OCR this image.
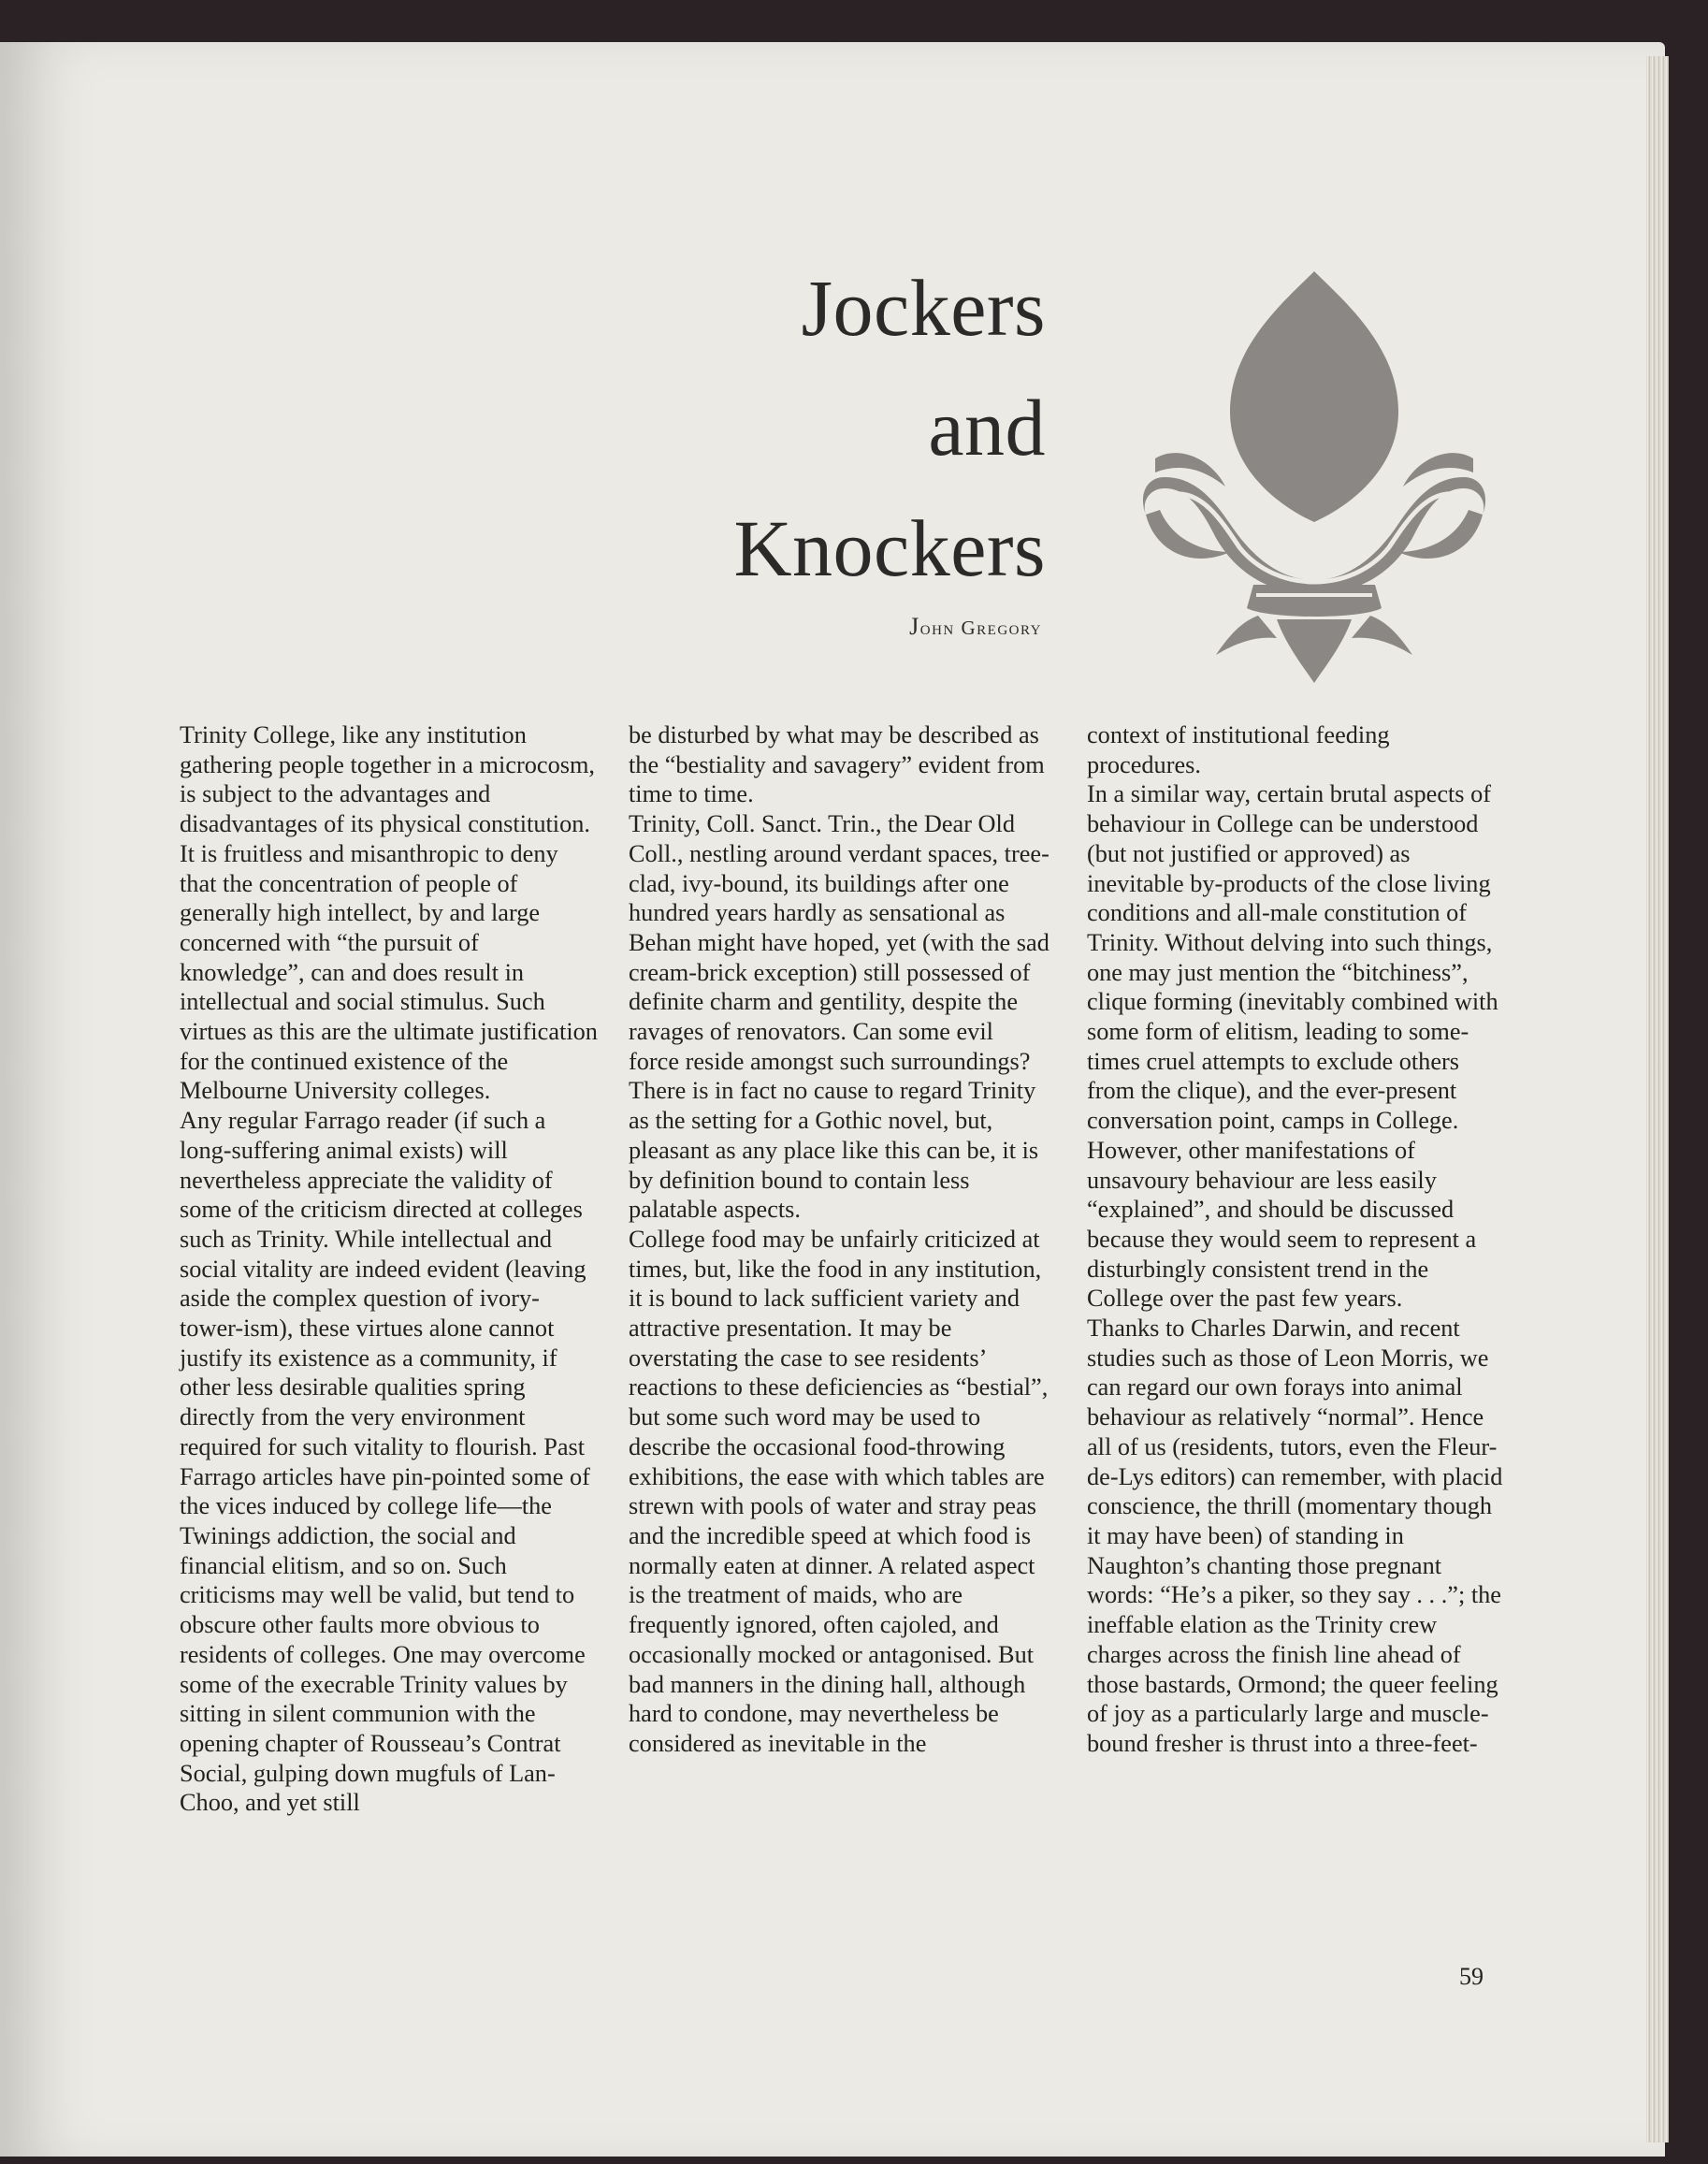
Jockers
and
Knockers
John Gregory

Trinity College, like any institution gathering people together in a microcosm, is subject to the advantages and disadvantages of its physical constitution. It is fruitless and misanthropic to deny that the concentration of people of generally high intellect, by and large concerned with “the pursuit of knowledge”, can and does result in intellectual and social stimulus. Such virtues as this are the ultimate justification for the continued existence of the Melbourne University colleges.

Any regular Farrago reader (if such a long-suffering animal exists) will nevertheless appreciate the validity of some of the criticism directed at colleges such as Trinity. While intellectual and social vitality are indeed evident (leaving aside the complex question of ivory-tower-ism), these virtues alone cannot justify its existence as a community, if other less desirable qualities spring directly from the very environment required for such vitality to flourish. Past Farrago articles have pin-pointed some of the vices induced by college life—the Twinings addiction, the social and financial elitism, and so on. Such criticisms may well be valid, but tend to obscure other faults more obvious to residents of colleges. One may overcome some of the execrable Trinity values by sitting in silent communion with the opening chapter of Rousseau’s Contrat Social, gulping down mugfuls of Lan-Choo, and yet still

be disturbed by what may be described as the “bestiality and savagery” evident from time to time.

Trinity, Coll. Sanct. Trin., the Dear Old Coll., nestling around verdant spaces, tree-clad, ivy-bound, its buildings after one hundred years hardly as sensational as Behan might have hoped, yet (with the sad cream-brick exception) still possessed of definite charm and gentility, despite the ravages of renovators. Can some evil force reside amongst such surroundings? There is in fact no cause to regard Trinity as the setting for a Gothic novel, but, pleasant as any place like this can be, it is by definition bound to contain less palatable aspects.

College food may be unfairly criticized at times, but, like the food in any institution, it is bound to lack sufficient variety and attractive presentation. It may be overstating the case to see residents’ reactions to these deficiencies as “bestial”, but some such word may be used to describe the occasional food-throwing exhibitions, the ease with which tables are strewn with pools of water and stray peas and the incredible speed at which food is normally eaten at dinner. A related aspect is the treatment of maids, who are frequently ignored, often cajoled, and occasionally mocked or antagonised. But bad manners in the dining hall, although hard to condone, may nevertheless be considered as inevitable in the

context of institutional feeding procedures.

In a similar way, certain brutal aspects of behaviour in College can be understood (but not justified or approved) as inevitable by-products of the close living conditions and all-male constitution of Trinity. Without delving into such things, one may just mention the “bitchiness”, clique forming (inevitably combined with some form of elitism, leading to some-times cruel attempts to exclude others from the clique), and the ever-present conversation point, camps in College. However, other manifestations of unsavoury behaviour are less easily “explained”, and should be discussed because they would seem to represent a disturbingly consistent trend in the College over the past few years.

Thanks to Charles Darwin, and recent studies such as those of Leon Morris, we can regard our own forays into animal behaviour as relatively “normal”. Hence all of us (residents, tutors, even the Fleur-de-Lys editors) can remember, with placid conscience, the thrill (momentary though it may have been) of standing in Naughton’s chanting those pregnant words: “He’s a piker, so they say . . .”; the ineffable elation as the Trinity crew charges across the finish line ahead of those bastards, Ormond; the queer feeling of joy as a particularly large and muscle-bound fresher is thrust into a three-feet-

59
